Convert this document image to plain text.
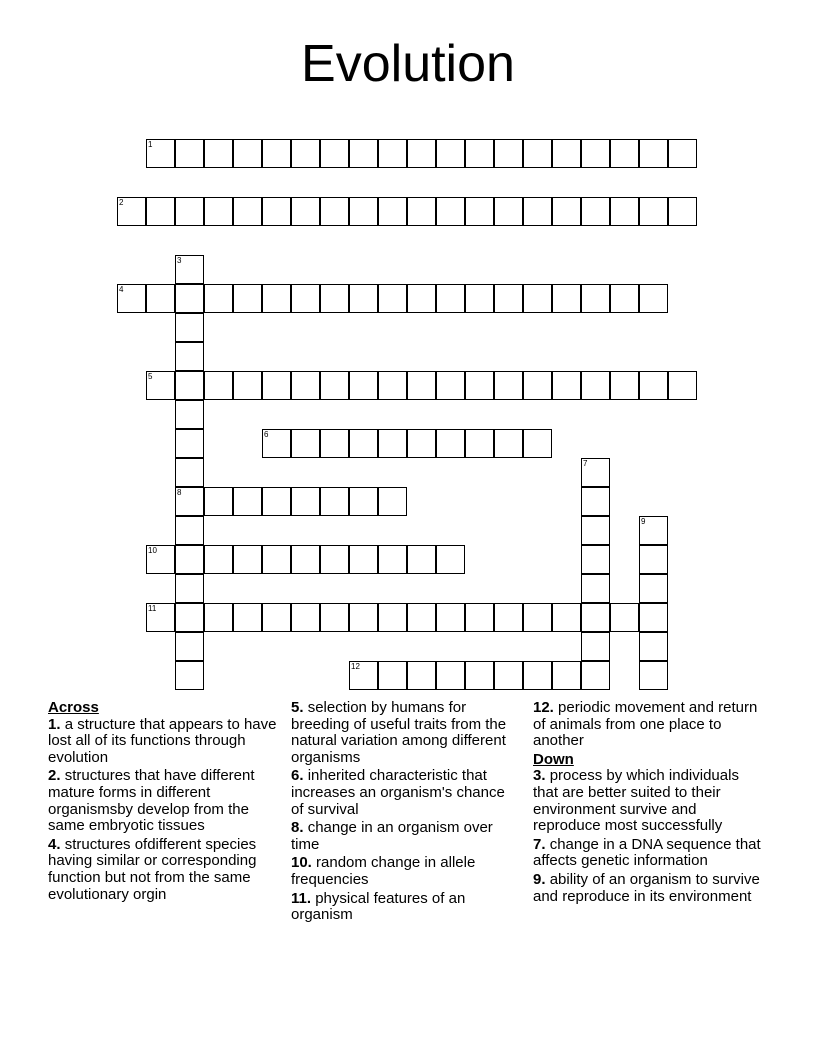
Evolution
1
2
3
8
4
5
6
7
9
10
11
12
Across
1. a structure that appears to have lost all of its functions through evolution
2. structures that have different mature forms in different organismsby develop from the same embryotic tissues
4. structures ofdifferent species having similar or corresponding function but not from the same evolutionary orgin
5. selection by humans for breeding of useful traits from the natural variation among different organisms
6. inherited characteristic that increases an organism's chance of survival
8. change in an organism over time
10. random change in allele frequencies
11. physical features of an organism
12. periodic movement and return of animals from one place to another
Down
3. process by which individuals that are better suited to their environment survive and reproduce most successfully
7. change in a DNA sequence that affects genetic information
9. ability of an organism to survive and reproduce in its environment
